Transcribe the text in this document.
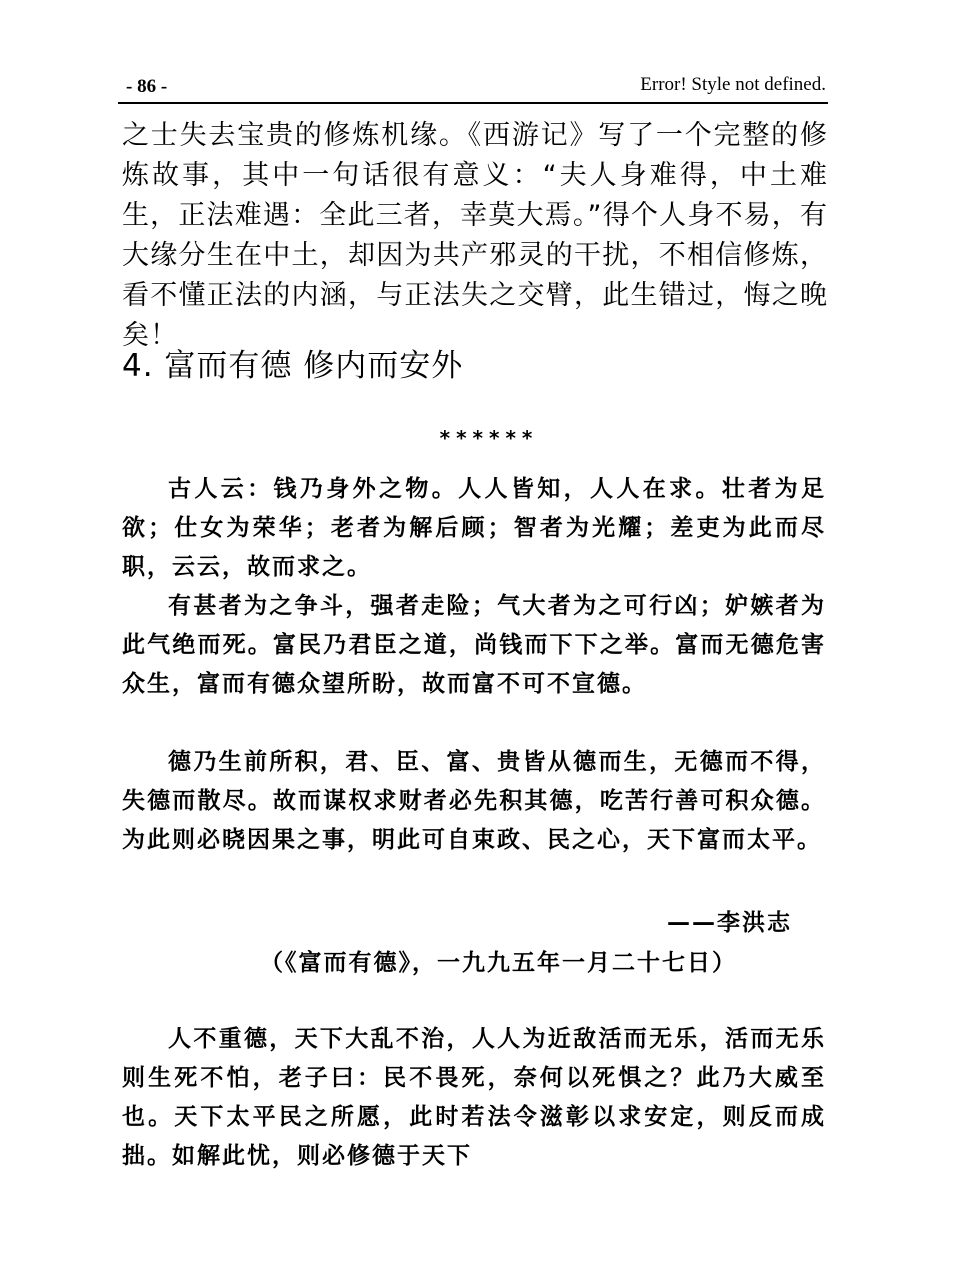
- 86 -	Error! Style not defined.
之士失去宝贵的修炼机缘。《西游记》写了一个完整的修炼故事，其中一句话很有意义：“夫人身难得，中土难生，正法难遇：全此三者，幸莫大焉。”得个人身不易，有大缘分生在中土，却因为共产邪灵的干扰，不相信修炼，看不懂正法的内涵，与正法失之交臂，此生错过，悔之晚矣！
4. 富而有德 修内而安外
******
古人云：钱乃身外之物。人人皆知，人人在求。壮者为足欲；仕女为荣华；老者为解后顾；智者为光耀；差吏为此而尽职，云云，故而求之。
有甚者为之争斗，强者走险；气大者为之可行凶；妒嫉者为此气绝而死。富民乃君臣之道，尚钱而下下之举。富而无德危害众生，富而有德众望所盼，故而富不可不宣德。
德乃生前所积，君、臣、富、贵皆从德而生，无德而不得，失德而散尽。故而谋权求财者必先积其德，吃苦行善可积众德。为此则必晓因果之事，明此可自束政、民之心，天下富而太平。
——李洪志
（《富而有德》，一九九五年一月二十七日）
人不重德，天下大乱不治，人人为近敌活而无乐，活而无乐则生死不怕，老子曰：民不畏死，奈何以死惧之？此乃大威至也。天下太平民之所愿，此时若法令滋彰以求安定，则反而成拙。如解此忧，则必修德于天下
